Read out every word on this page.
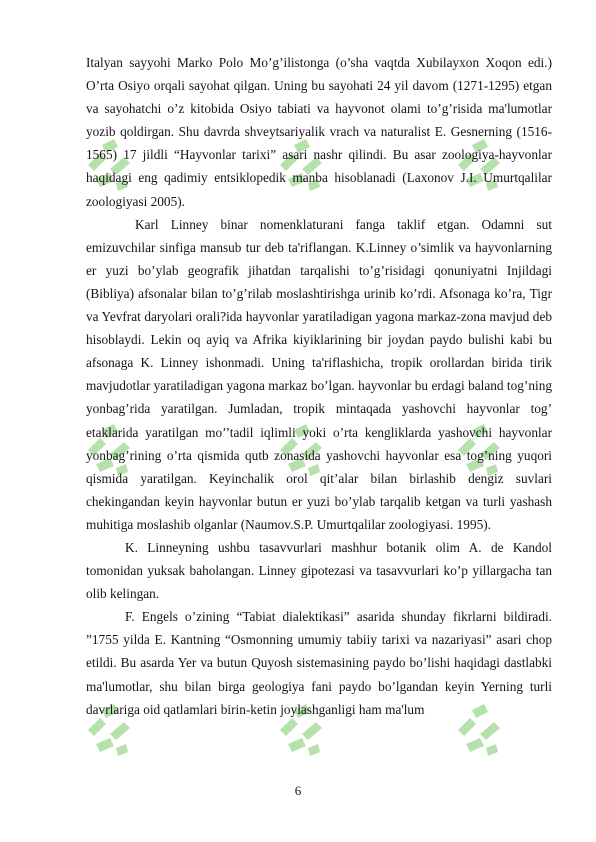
Italyan sayyohi Marko Polo Mo’g’ilistonga (o’sha vaqtda Xubilayxon Xoqon edi.) O’rta Osiyo orqali sayohat qilgan. Uning bu sayohati 24 yil davom (1271-1295) etgan va sayohatchi o’z kitobida Osiyo tabiati va hayvonot olami to’g’risida ma'lumotlar yozib qoldirgan. Shu davrda shveytsariyalik vrach va naturalist E. Gesnerning (1516-1565) 17 jildli “Hayvonlar tarixi” asari nashr qilindi. Bu asar zoologiya-hayvonlar haqidagi eng qadimiy entsiklopedik manba hisoblanadi (Laxonov J.I. Umurtqalilar zoologiyasi 2005).

Karl Linney binar nomenklaturani fanga taklif etgan. Odamni sut emizuvchilar sinfiga mansub tur deb ta'riflangan. K.Linney o’simlik va hayvonlarning er yuzi bo’ylab geografik jihatdan tarqalishi to’g’risidagi qonuniyatni Injildagi (Bibliya) afsonalar bilan to’g’rilab moslashtirishga urinib ko’rdi. Afsonaga ko’ra, Tigr va Yevfrat daryolari orali?ida hayvonlar yaratiladigan yagona markaz-zona mavjud deb hisoblaydi. Lekin oq ayiq va Afrika kiyiklarining bir joydan paydo bulishi kabi bu afsonaga K. Linney ishonmadi. Uning ta'riflashicha, tropik orollardan birida tirik mavjudotlar yaratiladigan yagona markaz bo’lgan. hayvonlar bu erdagi baland tog’ning yonbag’rida yaratilgan. Jumladan, tropik mintaqada yashovchi hayvonlar tog’ etaklarida yaratilgan mo’’tadil iqlimli yoki o’rta kengliklarda yashovchi hayvonlar yonbag’rining o’rta qismida qutb zonasida yashovchi hayvonlar esa tog’ning yuqori qismida yaratilgan. Keyinchalik orol qit’alar bilan birlashib dengiz suvlari chekingandan keyin hayvonlar butun er yuzi bo’ylab tarqalib ketgan va turli yashash muhitiga moslashib olganlar (Naumov.S.P. Umurtqalilar zoologiyasi. 1995).

K. Linneyning ushbu tasavvurlari mashhur botanik olim A. de Kandol tomonidan yuksak baholangan. Linney gipotezasi va tasavvurlari ko’p yillargacha tan olib kelingan.

F. Engels o’zining “Tabiat dialektikasi” asarida shunday fikrlarni bildiradi. ”1755 yilda E. Kantning “Osmonning umumiy tabiiy tarixi va nazariyasi” asari chop etildi. Bu asarda Yer va butun Quyosh sistemasining paydo bo’lishi haqidagi dastlabki ma'lumotlar, shu bilan birga geologiya fani paydo bo’lgandan keyin Yerning turli davrlariga oid qatlamlari birin-ketin joylashganligi ham ma'lum

6
